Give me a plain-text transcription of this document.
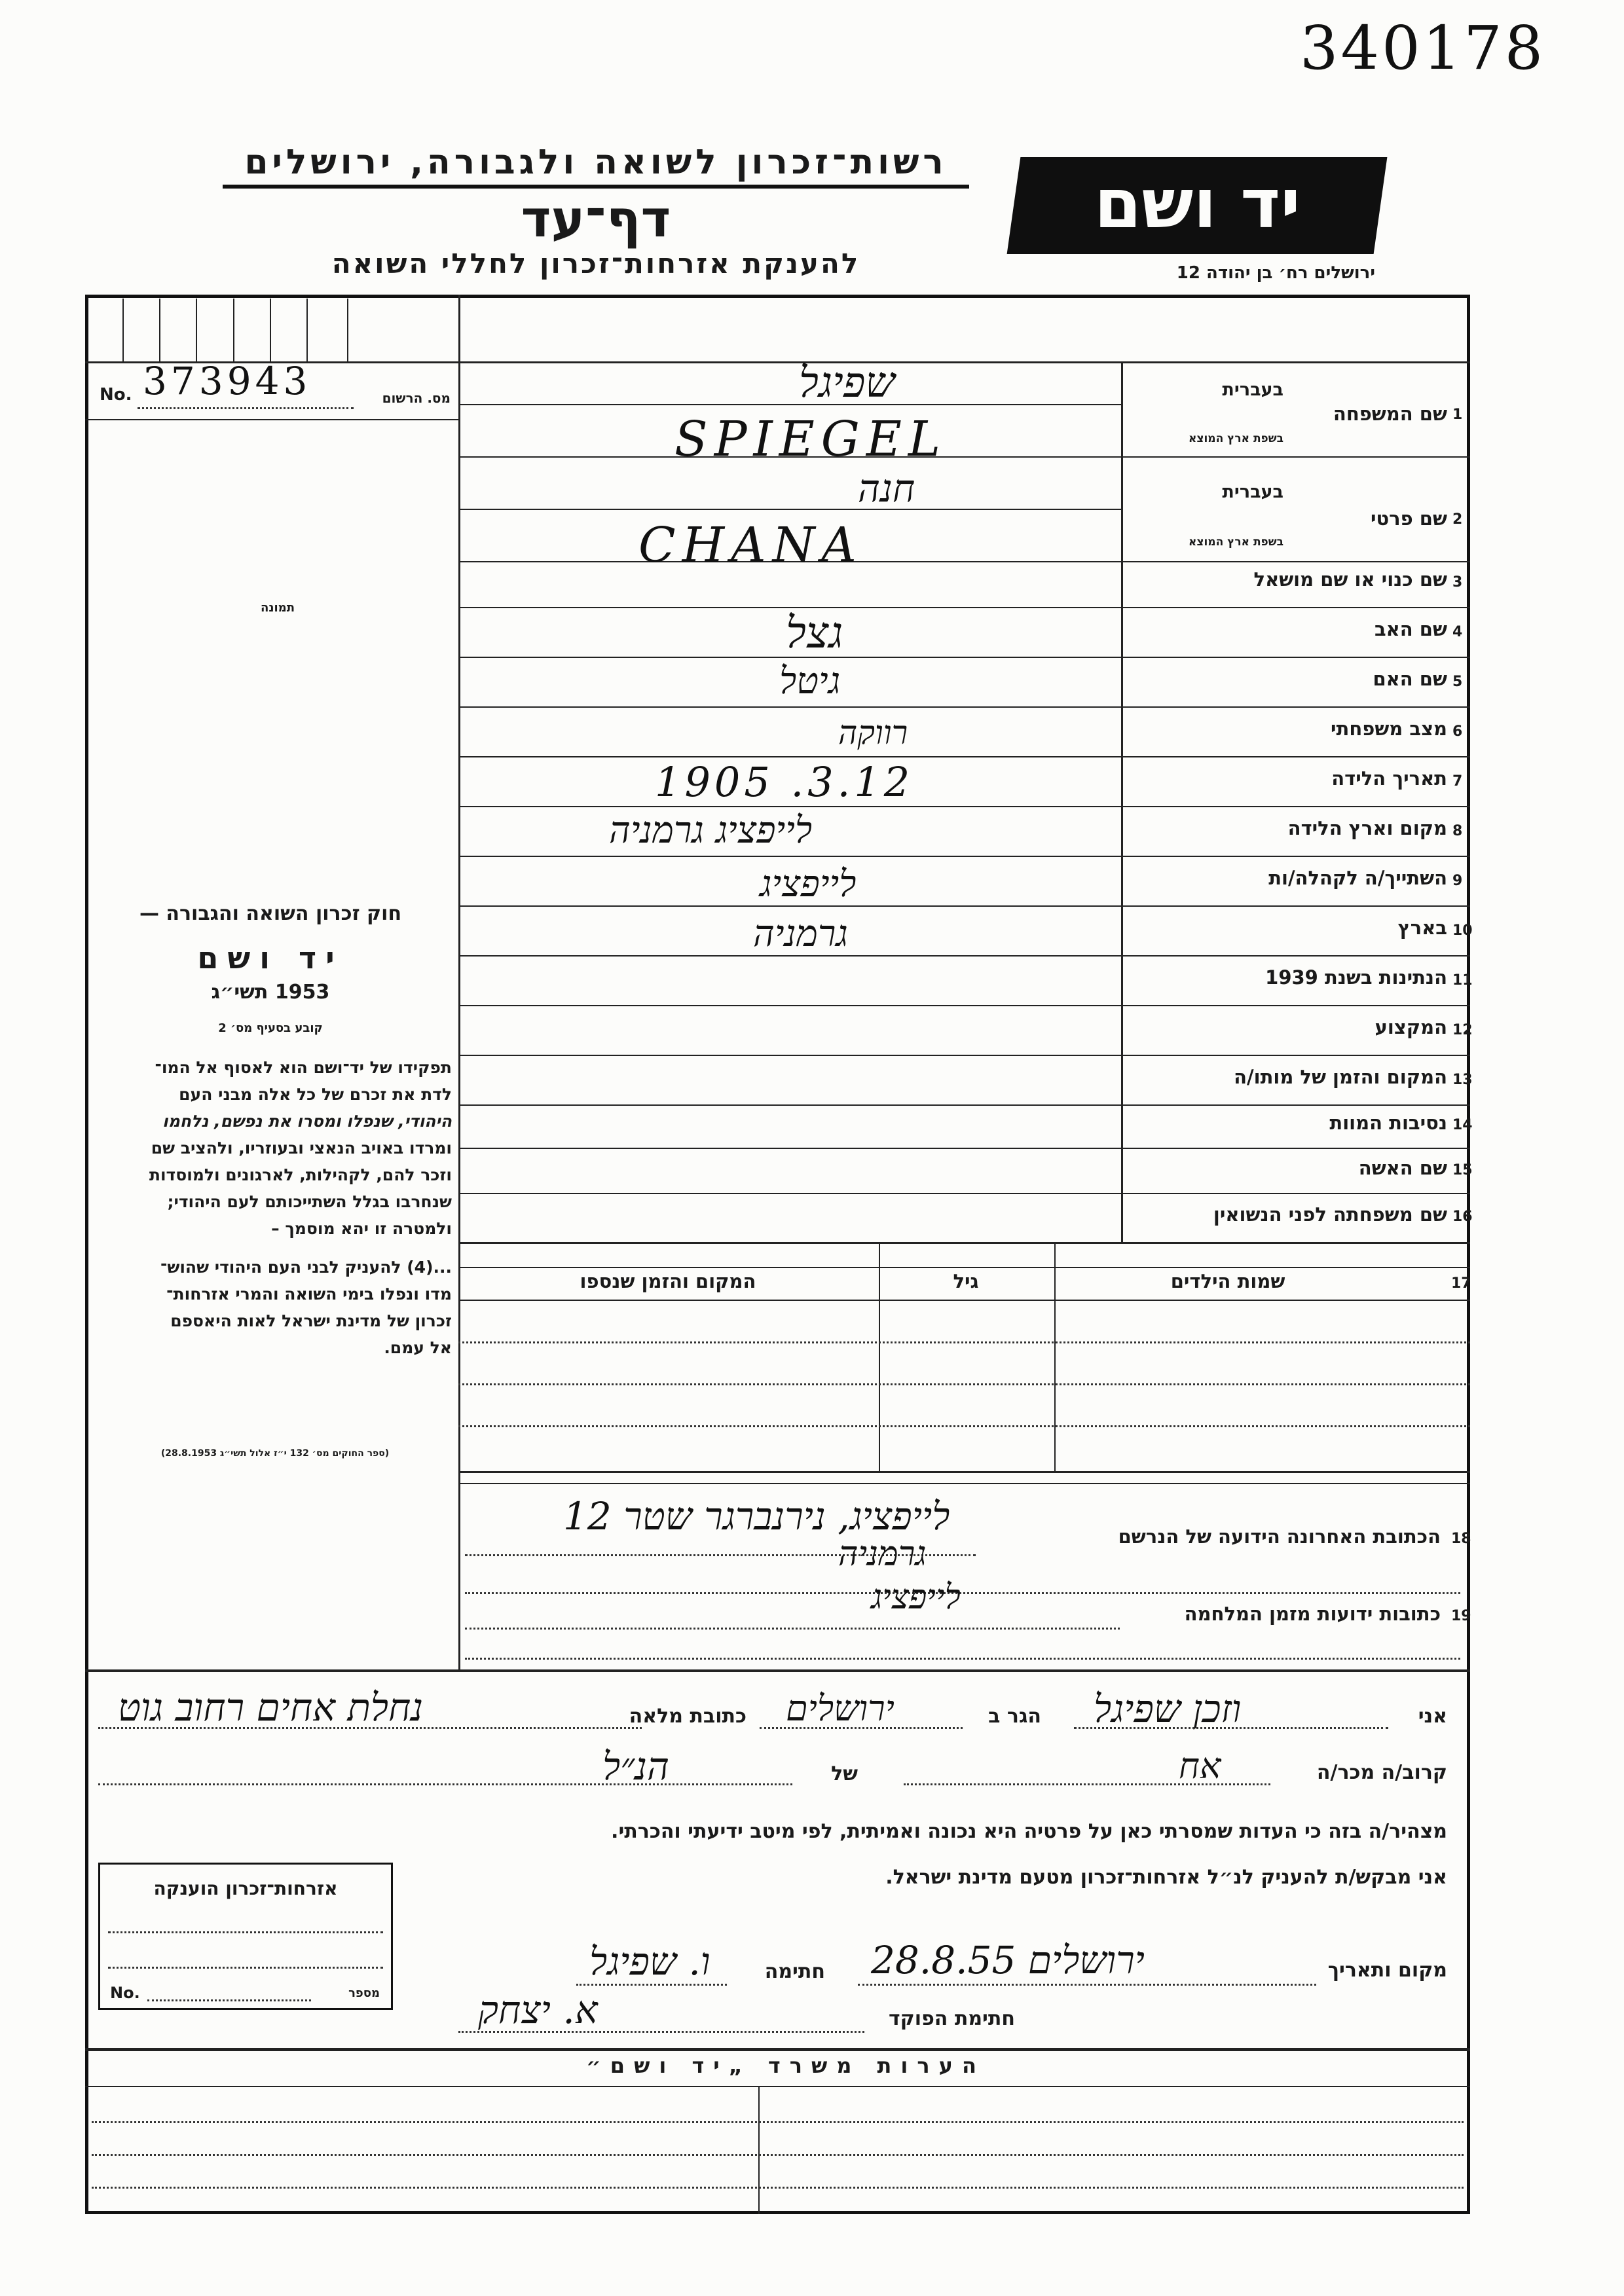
340178
רשות־זכרון לשואה ולגבורה, ירושלים
דף־עד
להענקת אזרחות־זכרון לחללי השואה
יד ושם
ירושלים רח׳ בן יהודה 12
No. 373943	מס. הרשום
תמונה
חוק זכרון השואה והגבורה —
יד ושם
1953 תשי״ג
קובע בסעיף מס׳ 2
תפקידו של יד־ושם הוא לאסוף אל המו־
לדת את זכרם של כל אלה מבני העם
היהודי, שנפלו ומסרו את נפשם, נלחמו
ומרדו באויב הנאצי ובעוזריו, ולהציב שם
וזכר להם, לקהילות, לארגונים ולמוסדות
שנחרבו בגלל השתייכותם לעם היהודי;
ולמטרה זו יהא מוסמך –
...(4) להעניק לבני העם היהודי שהוש־
מדו ונפלו בימי השואה והמרי אזרחות־
זכרון של מדינת ישראל לאות היאספם
אל עמם.
(ספר החוקים מס׳ 132 י״ז אלול תשי״ג 28.8.1953)
1
שם המשפחה
בעברית
בשפת ארץ המוצא
שפיגל
SPIEGEL
2
שם פרטי
בעברית
בשפת ארץ המוצא
חנה
CHANA
3
שם כנוי או שם מושאל
4
שם האב
גצל
5
שם האם
גיטל
6
מצב משפחתי
רווקה
7
תאריך הלידה
1905 .3.12
8
מקום וארץ הלידה
לייפציג גרמניה
9
השתייך/ה לקהלה/ות
לייפציג
10
בארץ
גרמניה
11
הנתינות בשנת 1939
12
המקצוע
13
המקום והזמן של מותו/ה
14
נסיבות המוות
15
שם האשה
16
שם משפחתה לפני הנשואין
17
שמות הילדים
גיל
המקום והזמן שנספו
18
הכתובת האחרונה הידועה של הנרשם
לייפציג, נירנברגר שטר 12
גרמניה
19
כתובות ידועות מזמן המלחמה
לייפציג
אני
וזכן שפיגל
הגר ב
ירושלים
כתובת מלאה
נחלת אחים רחוב גוט
קרוב/ה מכר/ה
אח
של
הנ״ל
מצהיר/ה בזה כי העדות שמסרתי כאן על פרטיה היא נכונה ואמיתית, לפי מיטב ידיעתי והכרתי.
אני מבקש/ת להעניק לנ״ל אזרחות־זכרון מטעם מדינת ישראל.
מקום ותאריך
ירושלים 28.8.55
חתימה
ו. שפיגל
חתימת הפוקד
א. יצחק
אזרחות־זכרון הוענקה
No.	מספר
הערות משרד „יד ושם״
